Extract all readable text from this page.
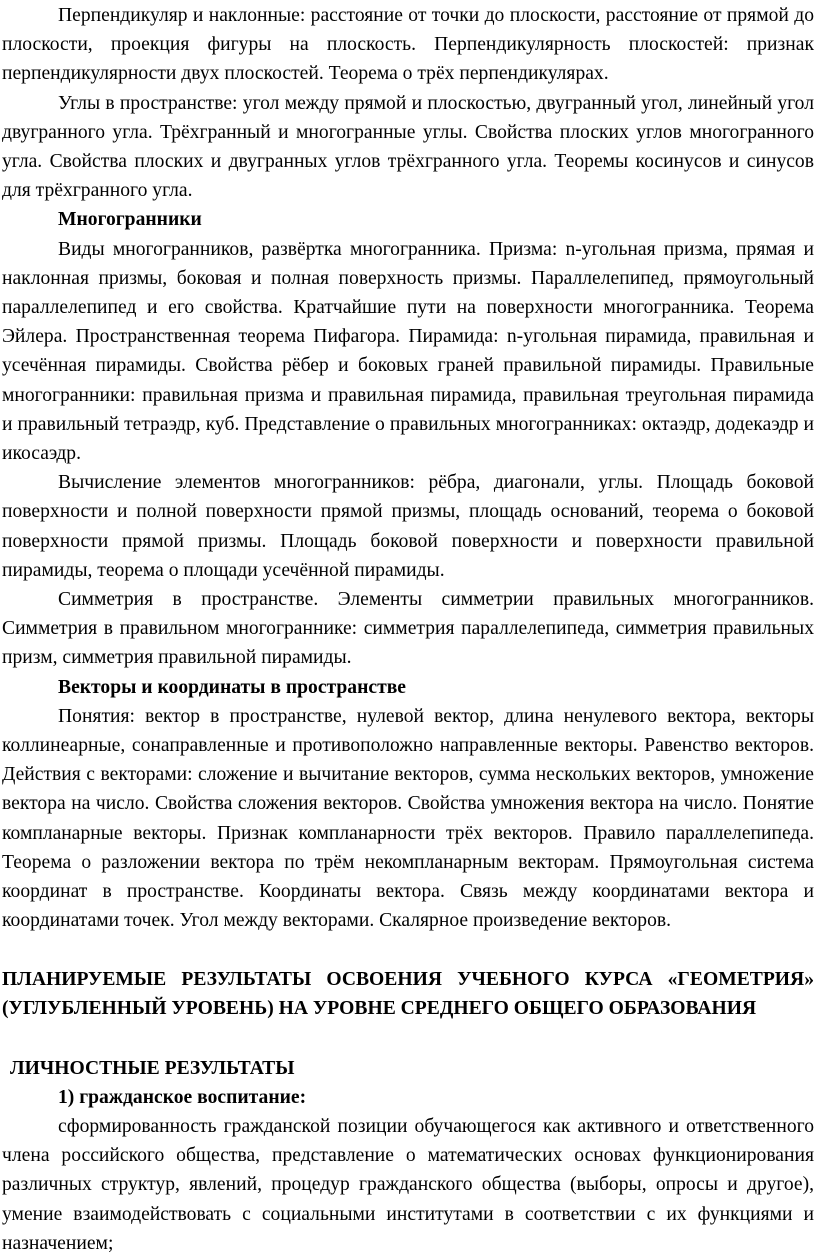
Перпендикуляр и наклонные: расстояние от точки до плоскости, расстояние от прямой до плоскости, проекция фигуры на плоскость. Перпендикулярность плоскостей: признак перпендикулярности двух плоскостей. Теорема о трёх перпендикулярах.

Углы в пространстве: угол между прямой и плоскостью, двугранный угол, линейный угол двугранного угла. Трёхгранный и многогранные углы. Свойства плоских углов многогранного угла. Свойства плоских и двугранных углов трёхгранного угла. Теоремы косинусов и синусов для трёхгранного угла.

Многогранники

Виды многогранников, развёртка многогранника. Призма: n-угольная призма, прямая и наклонная призмы, боковая и полная поверхность призмы. Параллелепипед, прямоугольный параллелепипед и его свойства. Кратчайшие пути на поверхности многогранника. Теорема Эйлера. Пространственная теорема Пифагора. Пирамида: n-угольная пирамида, правильная и усечённая пирамиды. Свойства рёбер и боковых граней правильной пирамиды. Правильные многогранники: правильная призма и правильная пирамида, правильная треугольная пирамида и правильный тетраэдр, куб. Представление о правильных многогранниках: октаэдр, додекаэдр и икосаэдр.

Вычисление элементов многогранников: рёбра, диагонали, углы. Площадь боковой поверхности и полной поверхности прямой призмы, площадь оснований, теорема о боковой поверхности прямой призмы. Площадь боковой поверхности и поверхности правильной пирамиды, теорема о площади усечённой пирамиды.

Симметрия в пространстве. Элементы симметрии правильных многогранников. Симметрия в правильном многограннике: симметрия параллелепипеда, симметрия правильных призм, симметрия правильной пирамиды.

Векторы и координаты в пространстве

Понятия: вектор в пространстве, нулевой вектор, длина ненулевого вектора, векторы коллинеарные, сонаправленные и противоположно направленные векторы. Равенство векторов. Действия с векторами: сложение и вычитание векторов, сумма нескольких векторов, умножение вектора на число. Свойства сложения векторов. Свойства умножения вектора на число. Понятие компланарные векторы. Признак компланарности трёх векторов. Правило параллелепипеда. Теорема о разложении вектора по трём некомпланарным векторам. Прямоугольная система координат в пространстве. Координаты вектора. Связь между координатами вектора и координатами точек. Угол между векторами. Скалярное произведение векторов.

ПЛАНИРУЕМЫЕ РЕЗУЛЬТАТЫ ОСВОЕНИЯ УЧЕБНОГО КУРСА «ГЕОМЕТРИЯ» (УГЛУБЛЕННЫЙ УРОВЕНЬ) НА УРОВНЕ СРЕДНЕГО ОБЩЕГО ОБРАЗОВАНИЯ

ЛИЧНОСТНЫЕ РЕЗУЛЬТАТЫ

1) гражданское воспитание:

сформированность гражданской позиции обучающегося как активного и ответственного члена российского общества, представление о математических основах функционирования различных структур, явлений, процедур гражданского общества (выборы, опросы и другое), умение взаимодействовать с социальными институтами в соответствии с их функциями и назначением;
